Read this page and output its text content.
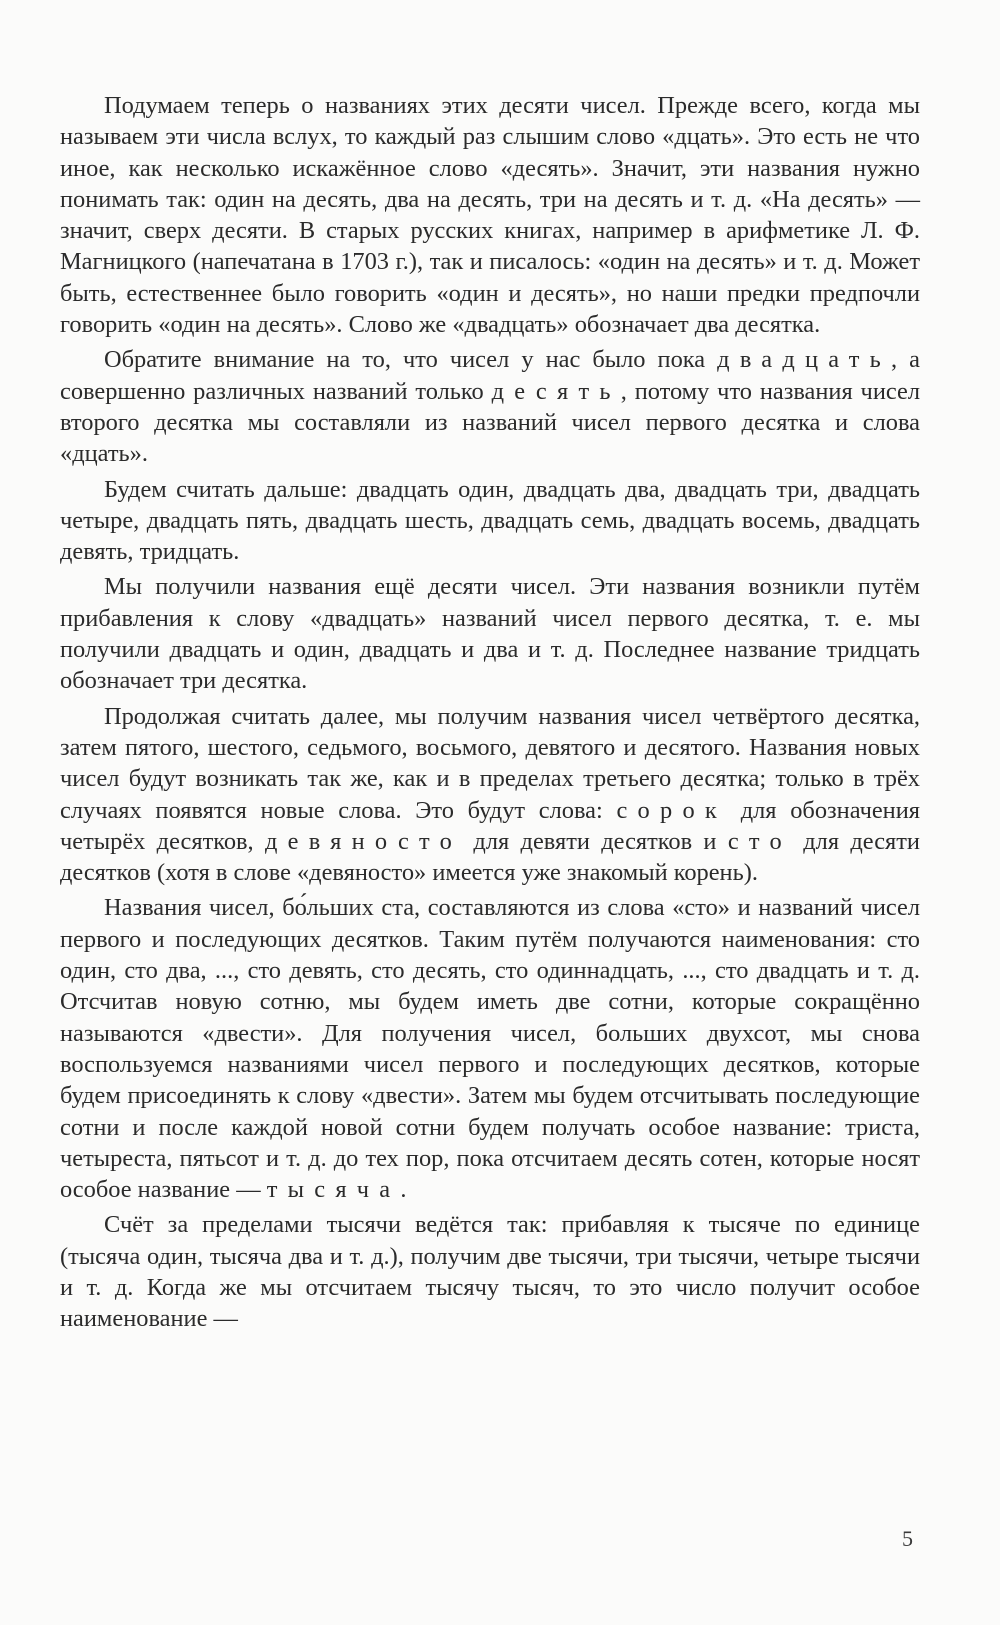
Подумаем теперь о названиях этих десяти чисел. Прежде всего, когда мы называем эти числа вслух, то каждый раз слышим слово «дцать». Это есть не что иное, как несколько искажённое слово «десять». Значит, эти названия нужно понимать так: один на десять, два на десять, три на десять и т. д. «На десять» — значит, сверх десяти. В старых русских книгах, например в арифметике Л. Ф. Магницкого (напечатана в 1703 г.), так и писалось: «один на десять» и т. д. Может быть, естественнее было говорить «один и десять», но наши предки предпочли говорить «один на десять». Слово же «двадцать» обозначает два десятка.

Обратите внимание на то, что чисел у нас было пока двадцать, а совершенно различных названий только десять, потому что названия чисел второго десятка мы составляли из названий чисел первого десятка и слова «дцать».

Будем считать дальше: двадцать один, двадцать два, двадцать три, двадцать четыре, двадцать пять, двадцать шесть, двадцать семь, двадцать восемь, двадцать девять, тридцать.

Мы получили названия ещё десяти чисел. Эти названия возникли путём прибавления к слову «двадцать» названий чисел первого десятка, т. е. мы получили двадцать и один, двадцать и два и т. д. Последнее название тридцать обозначает три десятка.

Продолжая считать далее, мы получим названия чисел четвёртого десятка, затем пятого, шестого, седьмого, восьмого, девятого и десятого. Названия новых чисел будут возникать так же, как и в пределах третьего десятка; только в трёх случаях появятся новые слова. Это будут слова: сорок для обозначения четырёх десятков, девяносто для девяти десятков и сто для десяти десятков (хотя в слове «девяносто» имеется уже знакомый корень).

Названия чисел, бо́льших ста, составляются из слова «сто» и названий чисел первого и последующих десятков. Таким путём получаются наименования: сто один, сто два, ..., сто девять, сто десять, сто одиннадцать, ..., сто двадцать и т. д. Отсчитав новую сотню, мы будем иметь две сотни, которые сокращённо называются «двести». Для получения чисел, больших двухсот, мы снова воспользуемся названиями чисел первого и последующих десятков, которые будем присоединять к слову «двести». Затем мы будем отсчитывать последующие сотни и после каждой новой сотни будем получать особое название: триста, четыреста, пятьсот и т. д. до тех пор, пока отсчитаем десять сотен, которые носят особое название — тысяча.

Счёт за пределами тысячи ведётся так: прибавляя к тысяче по единице (тысяча один, тысяча два и т. д.), получим две тысячи, три тысячи, четыре тысячи и т. д. Когда же мы отсчитаем тысячу тысяч, то это число получит особое наименование —

5
